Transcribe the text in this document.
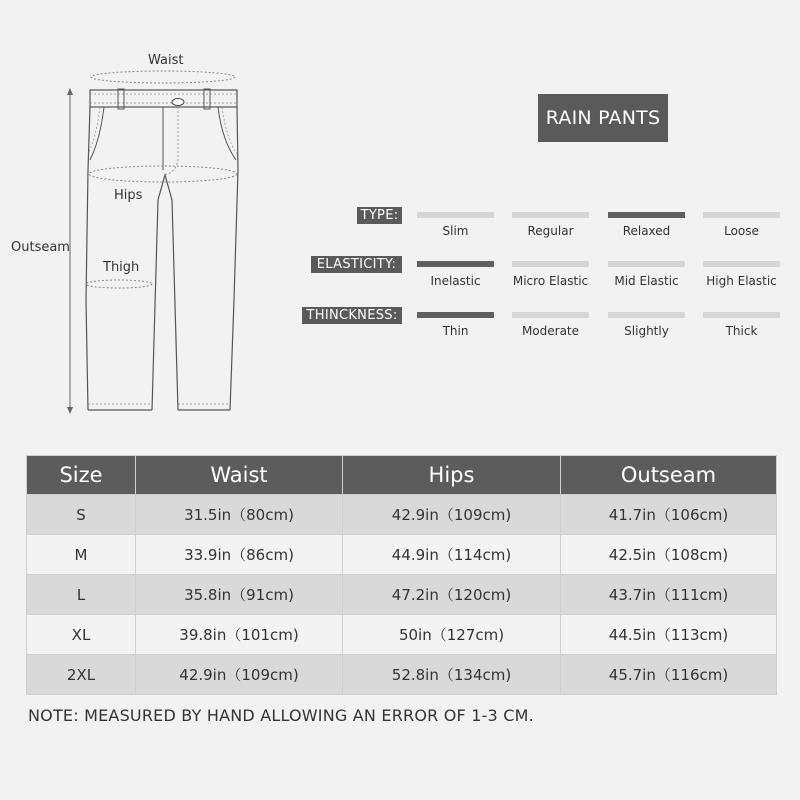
Waist
Hips
Thigh
Outseam
RAIN PANTS
TYPE:
ELASTICITY:
THINCKNESS:
Slim	Regular	Relaxed	Loose
Inelastic	Micro Elastic	Mid Elastic	High Elastic
Thin	Moderate	Slightly	Thick
Size	Waist	Hips	Outseam
S	31.5in（80cm)	42.9in（109cm)	41.7in（106cm)
M	33.9in（86cm)	44.9in（114cm)	42.5in（108cm)
L	35.8in（91cm)	47.2in（120cm)	43.7in（111cm)
XL	39.8in（101cm)	50in（127cm)	44.5in（113cm)
2XL	42.9in（109cm)	52.8in（134cm)	45.7in（116cm)
NOTE: MEASURED BY HAND ALLOWING AN ERROR OF 1-3 CM.
